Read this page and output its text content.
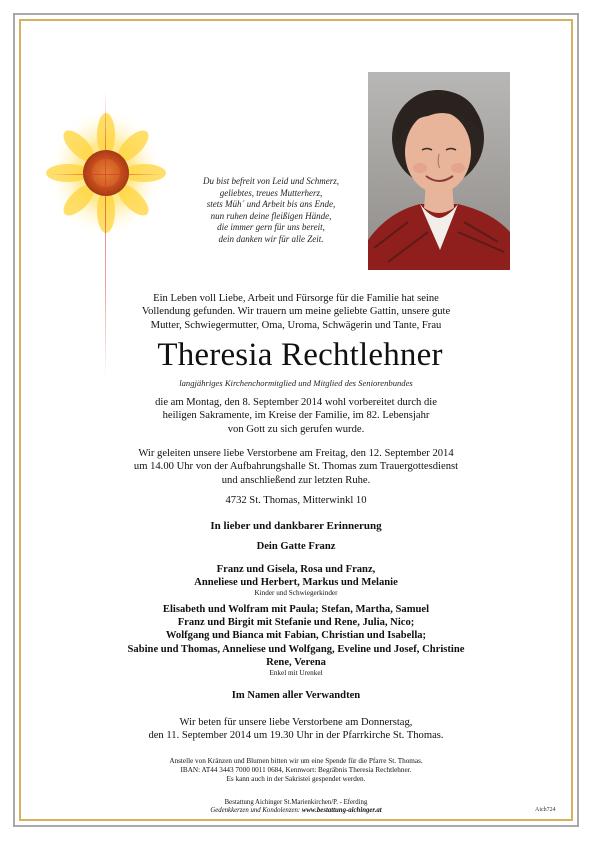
Du bist befreit von Leid und Schmerz,
geliebtes, treues Mutterherz,
stets Müh´ und Arbeit bis ans Ende,
nun ruhen deine fleißigen Hände,
die immer gern für uns bereit,
dein danken wir für alle Zeit.
Ein Leben voll Liebe, Arbeit und Fürsorge für die Familie hat seine
Vollendung gefunden. Wir trauern um meine geliebte Gattin, unsere gute
Mutter, Schwiegermutter, Oma, Uroma, Schwägerin und Tante, Frau
Theresia Rechtlehner
langjähriges Kirchenchormitglied und Mitglied des Seniorenbundes
die am Montag, den 8. September 2014 wohl vorbereitet durch die
heiligen Sakramente, im Kreise der Familie, im 82. Lebensjahr
von Gott zu sich gerufen wurde.
Wir geleiten unsere liebe Verstorbene am Freitag, den 12. September 2014
um 14.00 Uhr von der Aufbahrungshalle St. Thomas zum Trauergottesdienst
und anschließend zur letzten Ruhe.
4732 St. Thomas, Mitterwinkl 10
In lieber und dankbarer Erinnerung
Dein Gatte Franz
Franz und Gisela, Rosa und Franz,
Anneliese und Herbert, Markus und Melanie
Kinder und Schwiegerkinder
Elisabeth und Wolfram mit Paula; Stefan, Martha, Samuel
Franz und Birgit mit Stefanie und Rene, Julia, Nico;
Wolfgang und Bianca mit Fabian, Christian und Isabella;
Sabine und Thomas, Anneliese und Wolfgang, Eveline und Josef, Christine
Rene, Verena
Enkel mit Urenkel
Im Namen aller Verwandten
Wir beten für unsere liebe Verstorbene am Donnerstag,
den 11. September 2014 um 19.30 Uhr in der Pfarrkirche St. Thomas.
Anstelle von Kränzen und Blumen bitten wir um eine Spende für die Pfarre St. Thomas.
IBAN: AT44 3443 7000 0011 0684, Kennwort: Begräbnis Theresia Rechtlehner.
Es kann auch in der Sakristei gespendet werden.
Bestattung Aichinger St.Marienkirchen/P. - Eferding
Gedenkkerzen und Kondolenzen: www.bestattung-aichinger.at	Aich724
